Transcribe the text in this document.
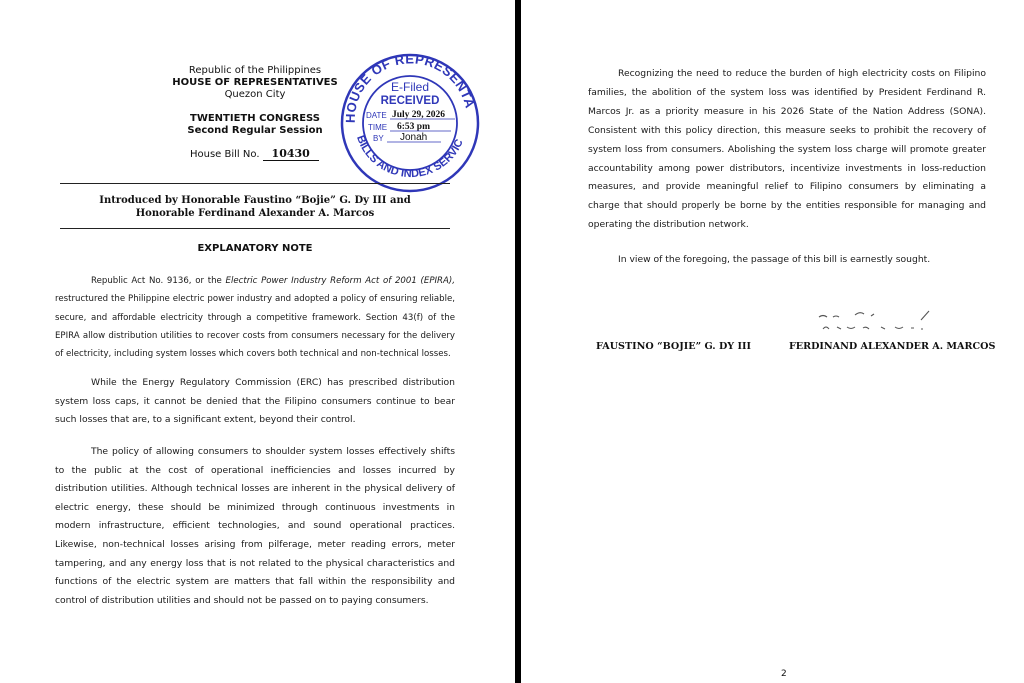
Republic of the Philippines
HOUSE OF REPRESENTATIVES
Quezon City
TWENTIETH CONGRESS
Second Regular Session
House Bill No. 10430
HOUSE OF REPRESENTA
BILLS AND INDEX SERVIC
E-Filed
RECEIVED
DATE July 29, 2026
TIME 6:53 pm
BY Jonah
Introduced by Honorable Faustino “Bojie” G. Dy III and
Honorable Ferdinand Alexander A. Marcos
EXPLANATORY NOTE
Republic Act No. 9136, or the Electric Power Industry Reform Act of 2001 (EPIRA), restructured the Philippine electric power industry and adopted a policy of ensuring reliable, secure, and affordable electricity through a competitive framework. Section 43(f) of the EPIRA allow distribution utilities to recover costs from consumers necessary for the delivery of electricity, including system losses which covers both technical and non-technical losses.
While the Energy Regulatory Commission (ERC) has prescribed distribution system loss caps, it cannot be denied that the Filipino consumers continue to bear such losses that are, to a significant extent, beyond their control.
The policy of allowing consumers to shoulder system losses effectively shifts to the public at the cost of operational inefficiencies and losses incurred by distribution utilities. Although technical losses are inherent in the physical delivery of electric energy, these should be minimized through continuous investments in modern infrastructure, efficient technologies, and sound operational practices. Likewise, non-technical losses arising from pilferage, meter reading errors, meter tampering, and any energy loss that is not related to the physical characteristics and functions of the electric system are matters that fall within the responsibility and control of distribution utilities and should not be passed on to paying consumers.
Recognizing the need to reduce the burden of high electricity costs on Filipino families, the abolition of the system loss was identified by President Ferdinand R. Marcos Jr. as a priority measure in his 2026 State of the Nation Address (SONA). Consistent with this policy direction, this measure seeks to prohibit the recovery of system loss from consumers. Abolishing the system loss charge will promote greater accountability among power distributors, incentivize investments in loss-reduction measures, and provide meaningful relief to Filipino consumers by eliminating a charge that should properly be borne by the entities responsible for managing and operating the distribution network.
In view of the foregoing, the passage of this bill is earnestly sought.
FAUSTINO “BOJIE” G. DY III	FERDINAND ALEXANDER A. MARCOS
2
